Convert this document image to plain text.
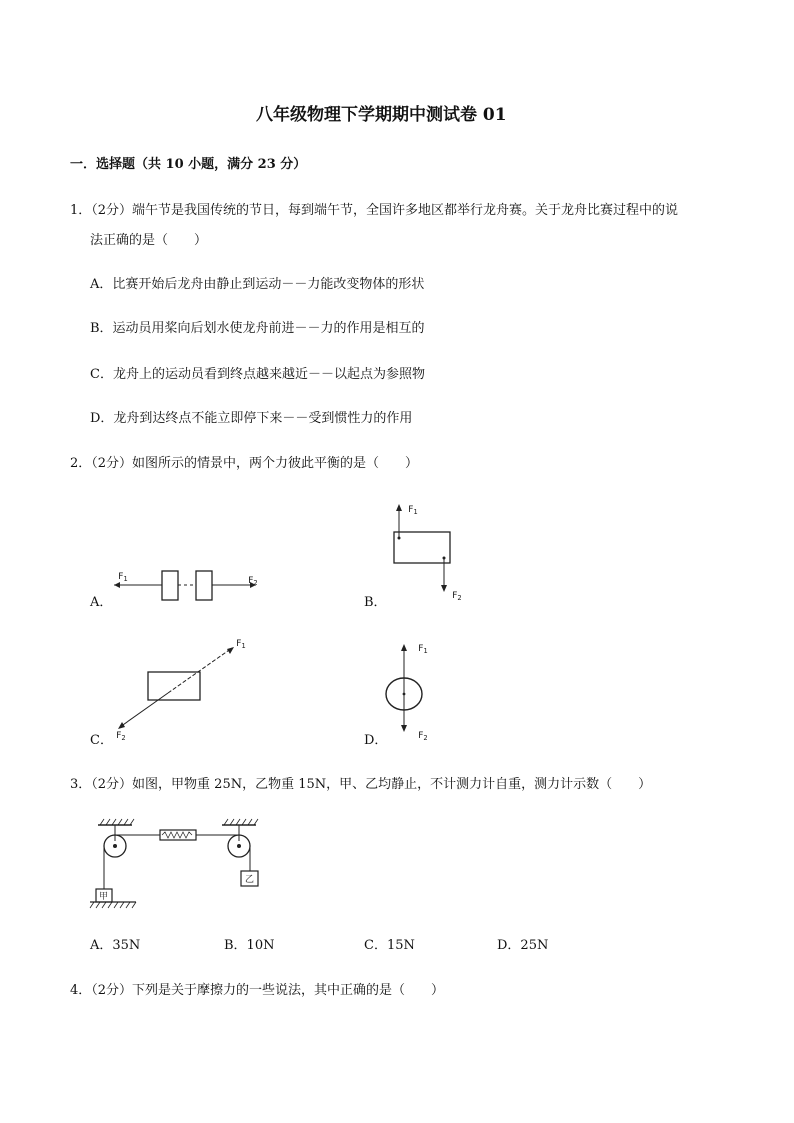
八年级物理下学期期中测试卷 01
一．选择题（共 10 小题，满分 23 分）
1．（2分）端午节是我国传统的节日，每到端午节，全国许多地区都举行龙舟赛。关于龙舟比赛过程中的说
法正确的是（　　）
A．比赛开始后龙舟由静止到运动－－力能改变物体的形状
B．运动员用桨向后划水使龙舟前进－－力的作用是相互的
C．龙舟上的运动员看到终点越来越近－－以起点为参照物
D．龙舟到达终点不能立即停下来－－受到惯性力的作用
2．（2分）如图所示的情景中，两个力彼此平衡的是（　　）
$F_1$	$F_2$
A．
$F_1$
$F_2$
B．
$F_1$
$F_2$
C．
$F_1$
$F_2$
D．
3．（2分）如图，甲物重 25N，乙物重 15N，甲、乙均静止，不计测力计自重，测力计示数（　　）
甲
乙
A．35N	B．10N	C．15N	D．25N
4．（2分）下列是关于摩擦力的一些说法，其中正确的是（　　）
